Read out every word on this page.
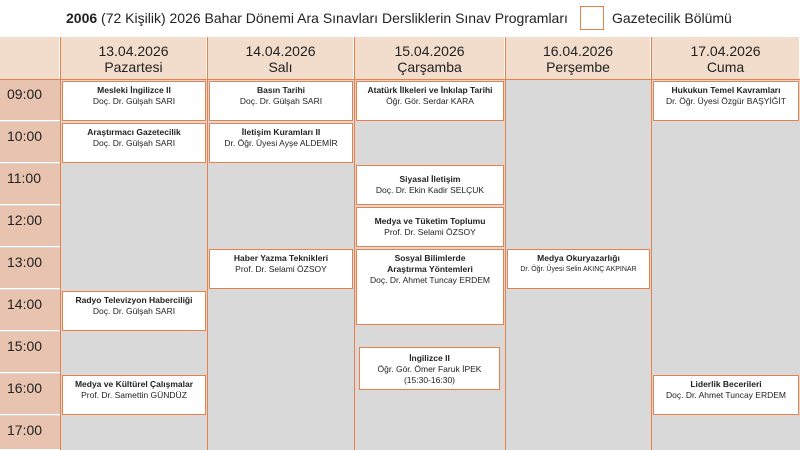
2006 (72 Kişilik) 2026 Bahar Dönemi Ara Sınavları Dersliklerin Sınav Programları	Gazetecilik Bölümü
13.04.2026
Pazartesi
14.04.2026
Salı
15.04.2026
Çarşamba
16.04.2026
Perşembe
17.04.2026
Cuma
09:00
10:00
11:00
12:00
13:00
14:00
15:00
16:00
17:00
Mesleki İngilizce II
Doç. Dr. Gülşah SARI
Araştırmacı Gazetecilik
Doç. Dr. Gülşah SARI
Radyo Televizyon Haberciliği
Doç. Dr. Gülşah SARI
Medya ve Kültürel Çalışmalar
Prof. Dr. Samettin GÜNDÜZ
Basın Tarihi
Doç. Dr. Gülşah SARI
İletişim Kuramları II
Dr. Öğr. Üyesi Ayşe ALDEMİR
Haber Yazma Teknikleri
Prof. Dr. Selami ÖZSOY
Atatürk İlkeleri ve İnkılap Tarihi
Öğr. Gör. Serdar KARA
Siyasal İletişim
Doç. Dr. Ekin Kadir SELÇUK
Medya ve Tüketim Toplumu
Prof. Dr. Selami ÖZSOY
Sosyal Bilimlerde
Araştırma Yöntemleri
Doç. Dr. Ahmet Tuncay ERDEM
İngilizce II
Öğr. Gör. Ömer Faruk İPEK
(15:30-16:30)
Medya Okuryazarlığı
Dr. Öğr. Üyesi Selin AKINÇ AKPINAR
Hukukun Temel Kavramları
Dr. Öğr. Üyesi Özgür BAŞYİĞİT
Liderlik Becerileri
Doç. Dr. Ahmet Tuncay ERDEM
